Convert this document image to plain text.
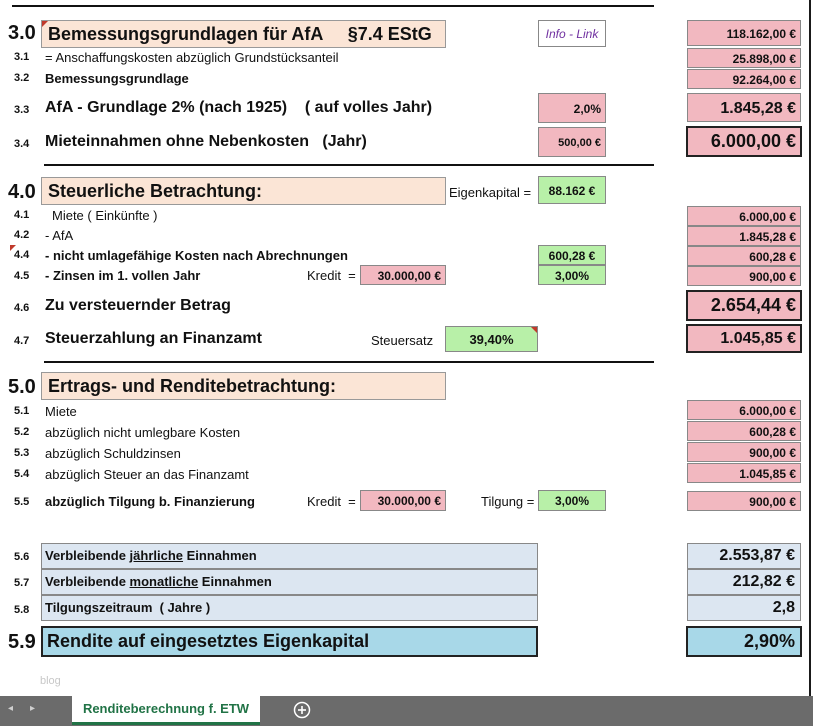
3.0 Bemessungsgrundlagen für AfA     §7.4 EStG	Info - Link	118.162,00 €
3.1 = Anschaffungskosten abzüglich Grundstücksanteil	25.898,00 €
3.2 Bemessungsgrundlage	92.264,00 €
3.3 AfA - Grundlage 2% (nach 1925)    ( auf volles Jahr)	2,0%	1.845,28 €
3.4 Mieteinnahmen ohne Nebenkosten   (Jahr)	500,00 €	6.000,00 €
4.0 Steuerliche Betrachtung:	Eigenkapital =	88.162 €
4.1 Miete ( Einkünfte )	6.000,00 €
4.2 - AfA	1.845,28 €
4.4 - nicht umlagefähige Kosten nach Abrechnungen	600,28 €	600,28 €
4.5 - Zinsen im 1. vollen Jahr	Kredit  =	30.000,00 €	3,00%	900,00 €
4.6 Zu versteuernder Betrag	2.654,44 €
4.7 Steuerzahlung an Finanzamt	Steuersatz	39,40%	1.045,85 €
5.0 Ertrags- und Renditebetrachtung:
5.1 Miete	6.000,00 €
5.2 abzüglich nicht umlegbare Kosten	600,28 €
5.3 abzüglich Schuldzinsen	900,00 €
5.4 abzüglich Steuer an das Finanzamt	1.045,85 €
5.5 abzüglich Tilgung b. Finanzierung	Kredit  =	30.000,00 €	Tilgung =	3,00%	900,00 €
5.6	Verbleibende jährliche Einnahmen	2.553,87 €
5.7	Verbleibende monatliche Einnahmen	212,82 €
5.8	Tilgungszeitraum  ( Jahre )	2,8
5.9 Rendite auf eingesetztes Eigenkapital	2,90%
blog
◂ ▸	Renditeberechnung f. ETW
